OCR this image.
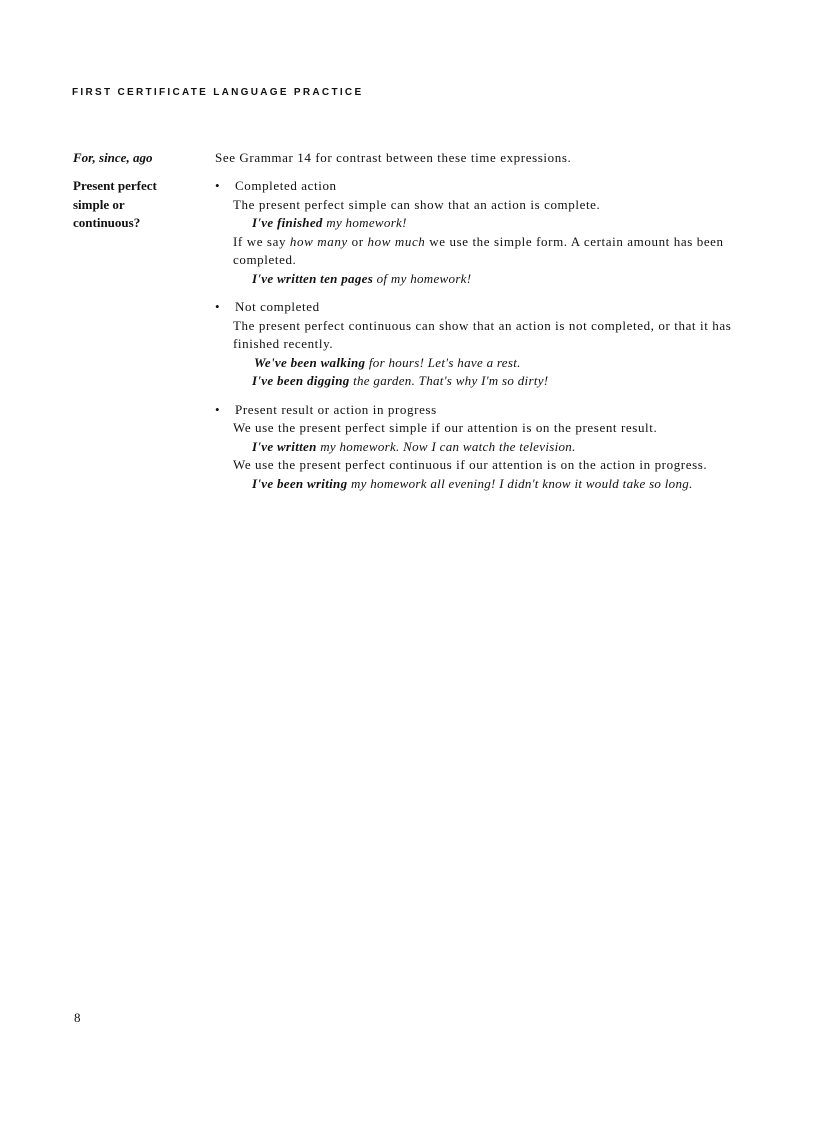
FIRST CERTIFICATE LANGUAGE PRACTICE
For, since, ago	See Grammar 14 for contrast between these time expressions.

Present perfect

simple or

continuous?

• Completed action

The present perfect simple can show that an action is complete.

I've finished my homework!

If we say how many or how much we use the simple form. A certain amount has been completed.

I've written ten pages of my homework!

• Not completed

The present perfect continuous can show that an action is not completed, or that it has finished recently.

We've been walking for hours! Let's have a rest.

I've been digging the garden. That's why I'm so dirty!

• Present result or action in progress

We use the present perfect simple if our attention is on the present result.

I've written my homework. Now I can watch the television.

We use the present perfect continuous if our attention is on the action in progress.

I've been writing my homework all evening! I didn't know it would take so long.

8
